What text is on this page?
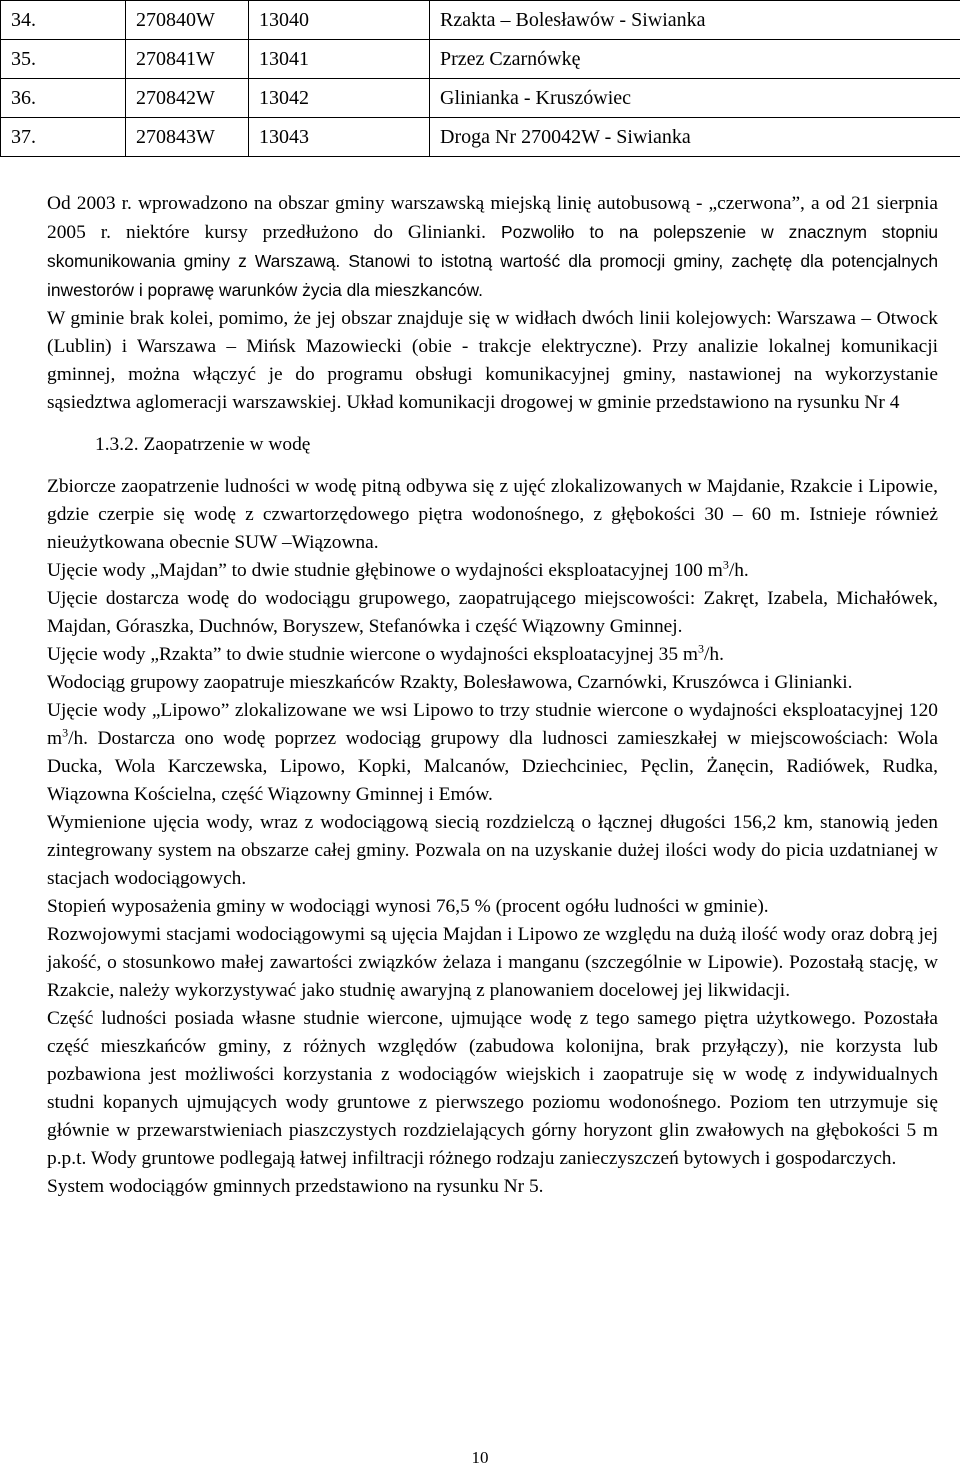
34.	270840W	13040	Rzakta – Bolesławów - Siwianka
35.	270841W	13041	Przez Czarnówkę
36.	270842W	13042	Glinianka - Kruszówiec
37.	270843W	13043	Droga Nr 270042W - Siwianka

Od 2003 r. wprowadzono na obszar gminy warszawską miejską linię autobusową - „czerwona”, a od 21 sierpnia 2005 r. niektóre kursy przedłużono do Glinianki. Pozwoliło to na polepszenie w znacznym stopniu skomunikowania gminy z Warszawą. Stanowi to istotną wartość dla promocji gminy, zachętę dla potencjalnych inwestorów i poprawę warunków życia dla mieszkanców.

W gminie brak kolei, pomimo, że jej obszar znajduje się w widłach dwóch linii kolejowych: Warszawa – Otwock (Lublin) i Warszawa – Mińsk Mazowiecki (obie - trakcje elektryczne). Przy analizie lokalnej komunikacji gminnej, można włączyć je do programu obsługi komunikacyjnej gminy, nastawionej na wykorzystanie sąsiedztwa aglomeracji warszawskiej. Układ komunikacji drogowej w gminie przedstawiono na rysunku Nr 4

1.3.2. Zaopatrzenie w wodę

Zbiorcze zaopatrzenie ludności w wodę pitną odbywa się z ujęć zlokalizowanych w Majdanie, Rzakcie i Lipowie, gdzie czerpie się wodę z czwartorzędowego piętra wodonośnego, z głębokości 30 – 60 m. Istnieje również nieużytkowana obecnie SUW –Wiązowna.

Ujęcie wody „Majdan” to dwie studnie głębinowe o wydajności eksploatacyjnej 100 $m^3/h$.

Ujęcie dostarcza wodę do wodociągu grupowego, zaopatrującego miejscowości: Zakręt, Izabela, Michałówek, Majdan, Góraszka, Duchnów, Boryszew, Stefanówka i część Wiązowny Gminnej.

Ujęcie wody „Rzakta” to dwie studnie wiercone o wydajności eksploatacyjnej 35 $m^3/h$.

Wodociąg grupowy zaopatruje mieszkańców Rzakty, Bolesławowa, Czarnówki, Kruszówca i Glinianki.

Ujęcie wody „Lipowo” zlokalizowane we wsi Lipowo to trzy studnie wiercone o wydajności eksploatacyjnej 120 $m^3/h$. Dostarcza ono wodę poprzez wodociąg grupowy dla ludnosci zamieszkałej w miejscowościach: Wola Ducka, Wola Karczewska, Lipowo, Kopki, Malcanów, Dziechciniec, Pęclin, Żanęcin, Radiówek, Rudka, Wiązowna Kościelna, część Wiązowny Gminnej i Emów.

Wymienione ujęcia wody, wraz z wodociągową siecią rozdzielczą o łącznej długości 156,2 km, stanowią jeden zintegrowany system na obszarze całej gminy. Pozwala on na uzyskanie dużej ilości wody do picia uzdatnianej w stacjach wodociągowych.

Stopień wyposażenia gminy w wodociągi wynosi 76,5 % (procent ogółu ludności w gminie).

Rozwojowymi stacjami wodociągowymi są ujęcia Majdan i Lipowo ze względu na dużą ilość wody oraz dobrą jej jakość, o stosunkowo małej zawartości związków żelaza i manganu (szczególnie w Lipowie). Pozostałą stację, w Rzakcie, należy wykorzystywać jako studnię awaryjną z planowaniem docelowej jej likwidacji.

Część ludności posiada własne studnie wiercone, ujmujące wodę z tego samego piętra użytkowego. Pozostała część mieszkańców gminy, z różnych względów (zabudowa kolonijna, brak przyłączy), nie korzysta lub pozbawiona jest możliwości korzystania z wodociągów wiejskich i zaopatruje się w wodę z indywidualnych studni kopanych ujmujących wody gruntowe z pierwszego poziomu wodonośnego. Poziom ten utrzymuje się głównie w przewarstwieniach piaszczystych rozdzielających górny horyzont glin zwałowych na głębokości 5 m p.p.t. Wody gruntowe podlegają łatwej infiltracji różnego rodzaju zanieczyszczeń bytowych i gospodarczych.

System wodociągów gminnych przedstawiono na rysunku Nr 5.

10
